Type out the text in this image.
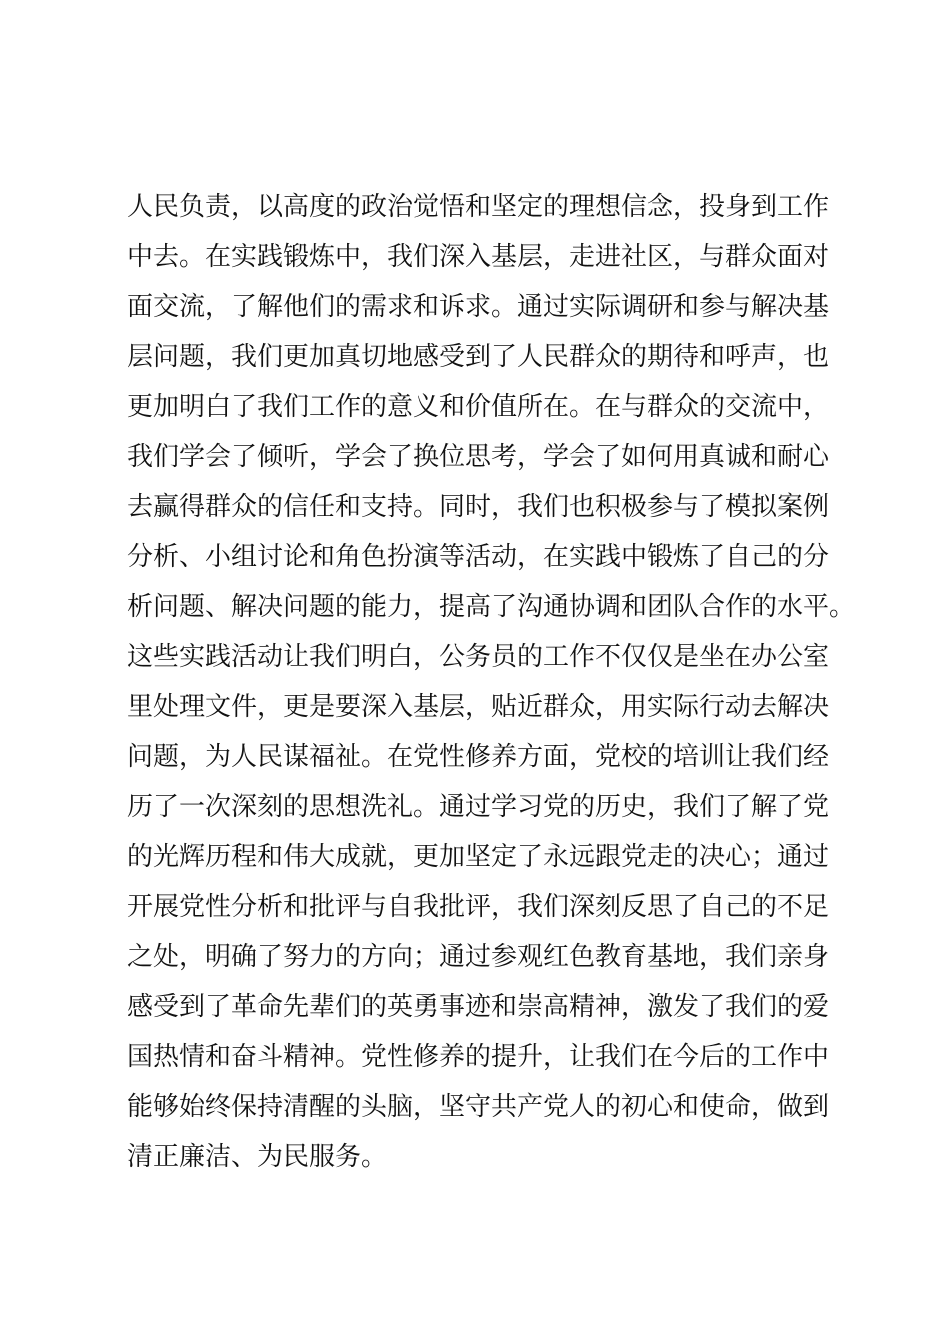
人民负责，以高度的政治觉悟和坚定的理想信念，投身到工作
中去。在实践锻炼中，我们深入基层，走进社区，与群众面对
面交流，了解他们的需求和诉求。通过实际调研和参与解决基
层问题，我们更加真切地感受到了人民群众的期待和呼声，也
更加明白了我们工作的意义和价值所在。在与群众的交流中，
我们学会了倾听，学会了换位思考，学会了如何用真诚和耐心
去赢得群众的信任和支持。同时，我们也积极参与了模拟案例
分析、小组讨论和角色扮演等活动，在实践中锻炼了自己的分
析问题、解决问题的能力，提高了沟通协调和团队合作的水平。
这些实践活动让我们明白，公务员的工作不仅仅是坐在办公室
里处理文件，更是要深入基层，贴近群众，用实际行动去解决
问题，为人民谋福祉。在党性修养方面，党校的培训让我们经
历了一次深刻的思想洗礼。通过学习党的历史，我们了解了党
的光辉历程和伟大成就，更加坚定了永远跟党走的决心；通过
开展党性分析和批评与自我批评，我们深刻反思了自己的不足
之处，明确了努力的方向；通过参观红色教育基地，我们亲身
感受到了革命先辈们的英勇事迹和崇高精神，激发了我们的爱
国热情和奋斗精神。党性修养的提升，让我们在今后的工作中
能够始终保持清醒的头脑，坚守共产党人的初心和使命，做到
清正廉洁、为民服务。
